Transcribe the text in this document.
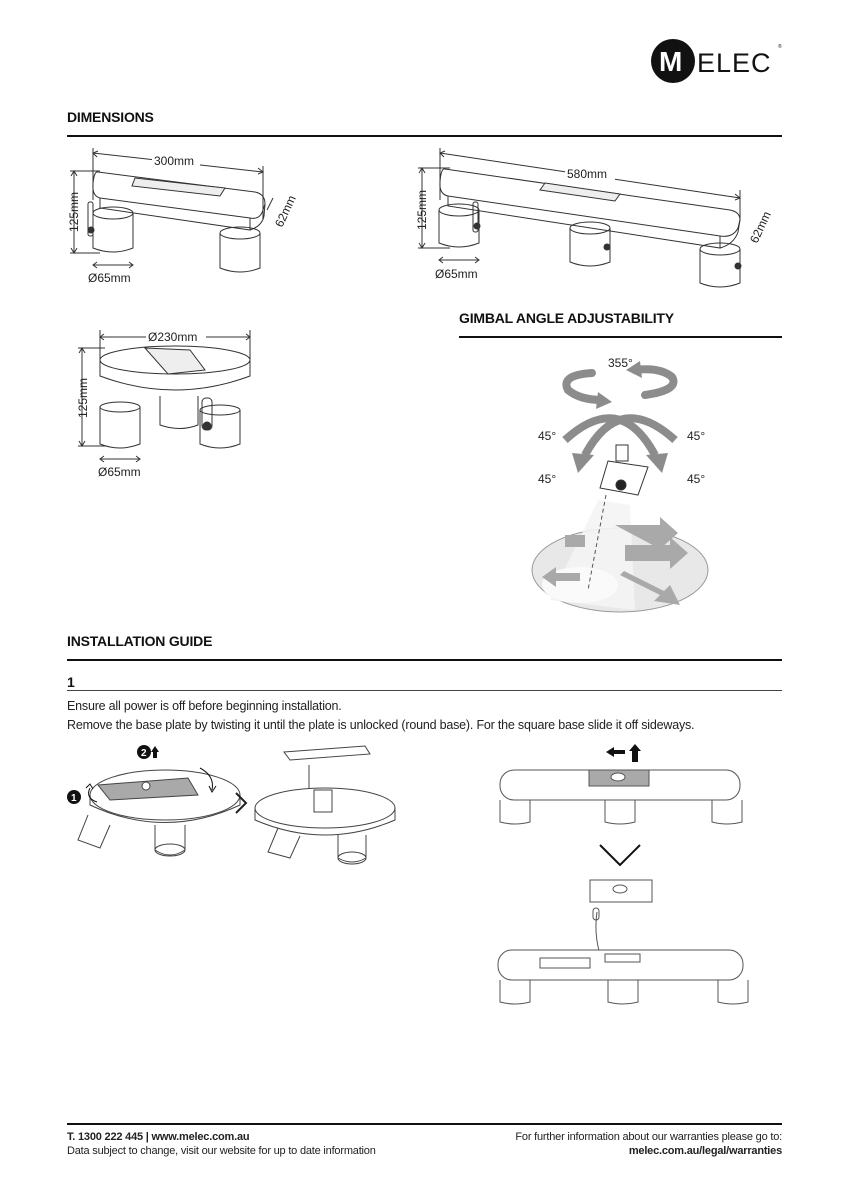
M ELEC
®
DIMENSIONS
300mm
125mm	62mm
Ø65mm
580mm
125mm	62mm
Ø65mm
Ø230mm
125mm
Ø65mm
GIMBAL ANGLE ADJUSTABILITY
355°
45°	45°
45°	45°
INSTALLATION GUIDE
1
Ensure all power is off before beginning installation.
Remove the base plate by twisting it until the plate is unlocked (round base). For the square base slide it off sideways.
1
2
T. 1300 222 445 | www.melec.com.au
Data subject to change, visit our website for up to date information
For further information about our warranties please go to:
melec.com.au/legal/warranties
